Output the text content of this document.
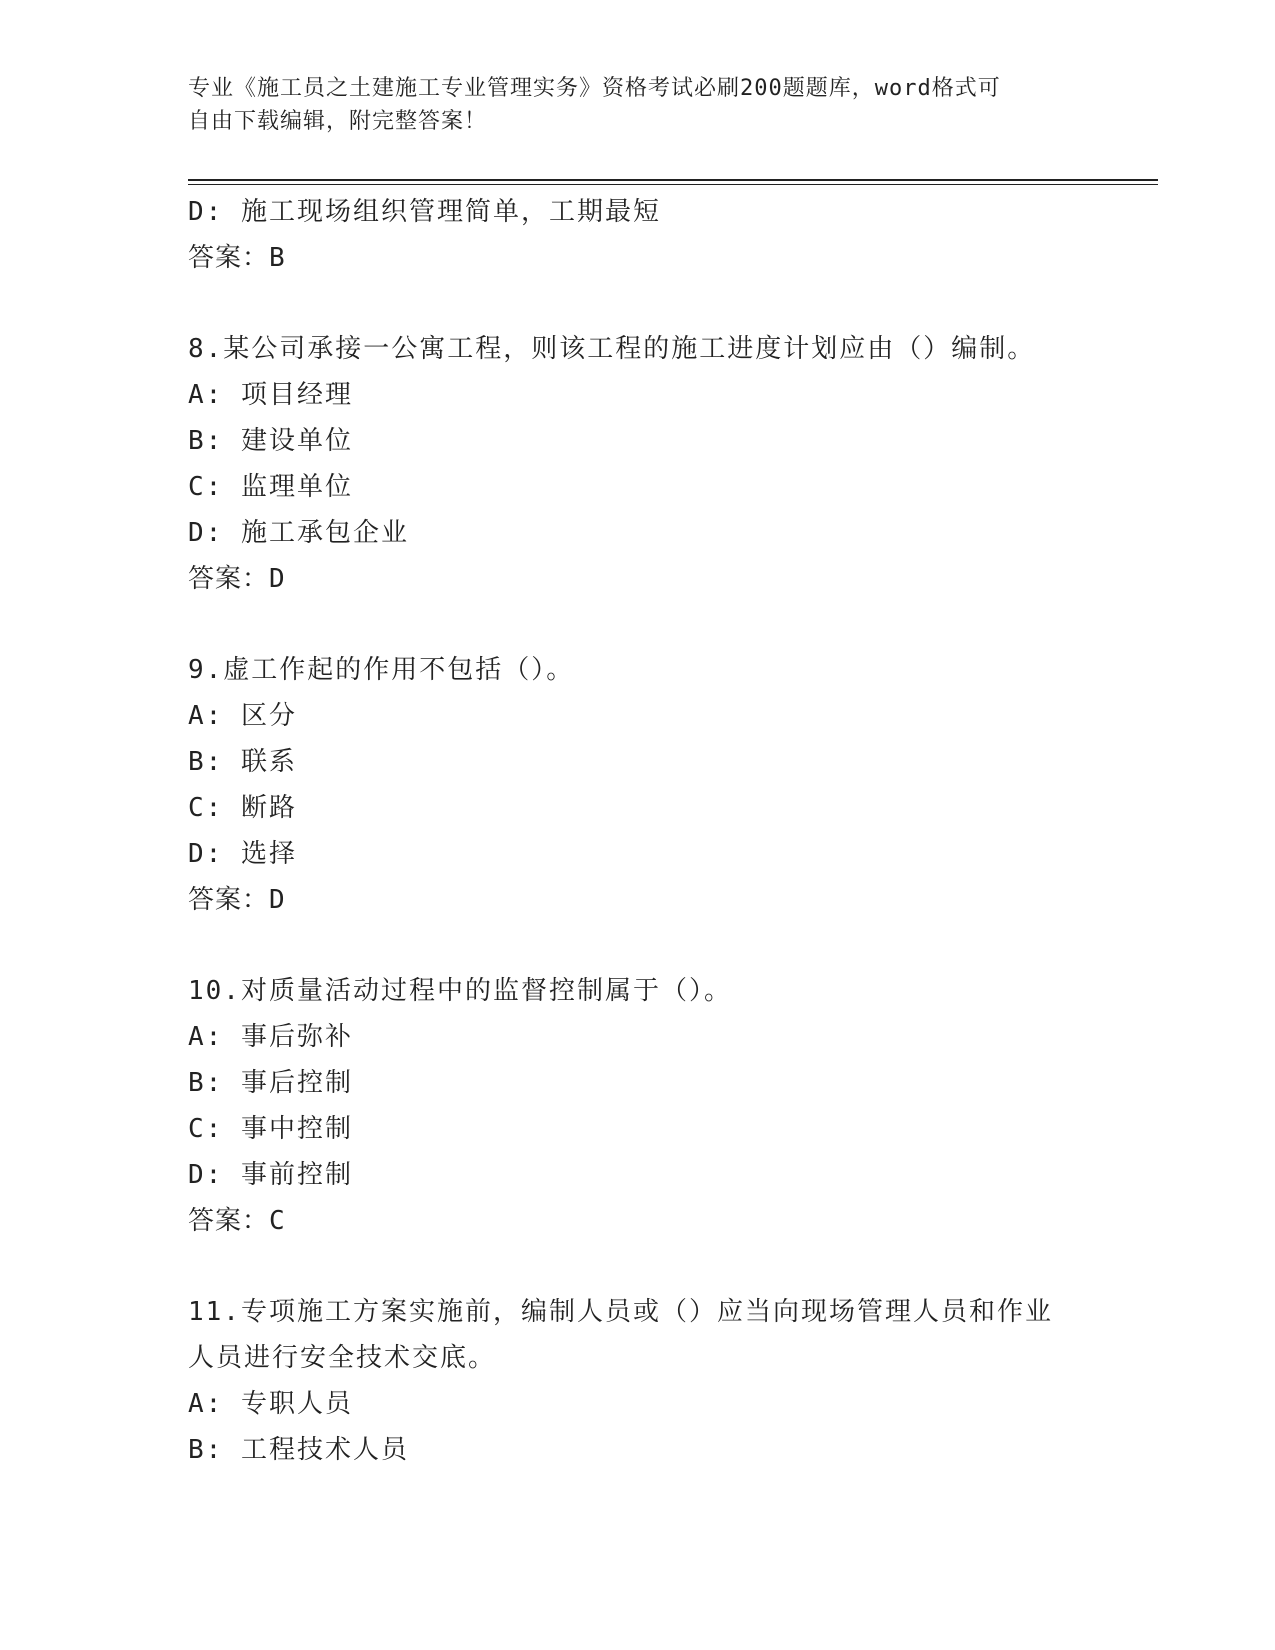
专业《施工员之土建施工专业管理实务》资格考试必刷200题题库，word格式可
自由下载编辑，附完整答案！
D: 施工现场组织管理简单，工期最短
答案：B
8.某公司承接一公寓工程，则该工程的施工进度计划应由（）编制。
A: 项目经理
B: 建设单位
C: 监理单位
D: 施工承包企业
答案：D
9.虚工作起的作用不包括（）。
A: 区分
B: 联系
C: 断路
D: 选择
答案：D
10.对质量活动过程中的监督控制属于（）。
A: 事后弥补
B: 事后控制
C: 事中控制
D: 事前控制
答案：C
11.专项施工方案实施前，编制人员或（）应当向现场管理人员和作业
人员进行安全技术交底。
A: 专职人员
B: 工程技术人员
